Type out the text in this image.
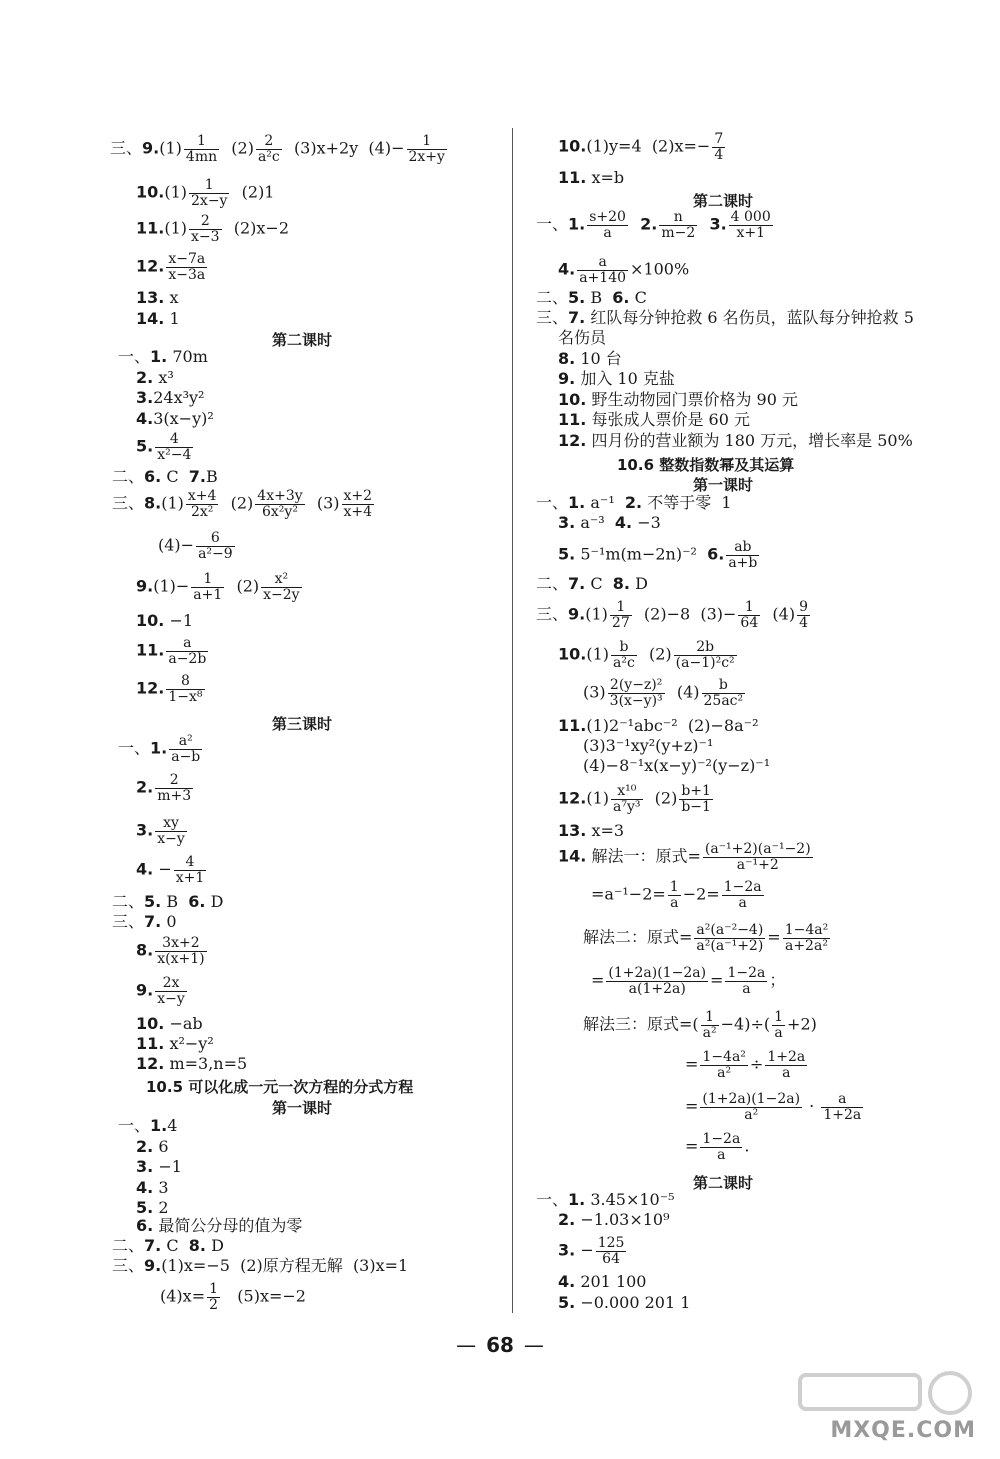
三、$9.(1) \frac{1}{4mn} (2) \frac{2}{\text{a²c}} (3)x+2y$ $(4)- \frac{1}{2x+y}$
$10.(1) \frac{1}{2x-y} (2)1$
$11.(1) \frac{2}{x-3} (2)x-2$
12. $\frac{x-7a}{x-3a}$
13. x
14. 1
第二课时
一、1. 70m
2. x³
3.24x³y²
4.3(x−y)²
5. $\frac{4}{\text{x²−4}}$
二、6. C 7.B
三、$8.(1) \frac{x+4}{\text{2x²}} (2) \frac{4x+3y}{\text{6x²y²}} (3) \frac{x+2}{x+4}$
$(4)- \frac{6}{\text{a²−9}}$
$9.(1)- \frac{1}{a+1} (2) \frac{\text{x²}}{x-2y}$
10. −1
11. $\frac{a}{a-2b}$
12. $\frac{8}{\text{1−x⁸}}$
第三课时
一、1. $\frac{\text{a²}}{a-b}$
2. $\frac{2}{m+3}$
3. $\frac{xy}{x-y}$
4. − $\frac{4}{x+1}$
二、5. B 6. D
三、7. 0
8. $\frac{3x+2}{x(x+1)}$
9. $\frac{2x}{x-y}$
10. −ab
11. x²−y²
12. m=3,n=5
10.5 可以化成一元一次方程的分式方程
第一课时
一、1.4
2. 6
3. −1
4. 3
5. 2
6. 最简公分母的值为零
二、7. C 8. D
三、9.(1)x=−5 (2)原方程无解 (3)x=1
$(4)x= \frac{1}{2} (5)x=-2$
10.(1)y=4 $(2)x=- \frac{7}{4}$
11. x=b
第二课时
一、1. $\frac{s+20}{a} 2$. $\frac{n}{m-2} 3$. $\frac{4 000}{x+1}$
4. $\frac{a}{a+140} \times 100\%$
二、5. B 6. C
三、7. 红队每分钟抢救 6 名伤员，蓝队每分钟抢救 5
名伤员
8. 10 台
9. 加入 10 克盐
10. 野生动物园门票价格为 90 元
11. 每张成人票价是 60 元
12. 四月份的营业额为 180 万元，增长率是 50%
10.6 整数指数幂及其运算
第一课时
一、1. a⁻¹ 2. 不等于零 1
3. a⁻³ 4. −3
5. 5⁻¹m(m−2n)⁻² 6. $\frac{ab}{a+b}$
二、7. C 8. D
三、$9.(1) \frac{1}{27} (2)-8$ $(3)- \frac{1}{64} (4) \frac{9}{4}$
$10.(1) \frac{b}{\text{a²c}} (2) \frac{2b}{\text{(a−1)²c²}}$
$(3) \frac{\text{2(y−z)²}}{\text{3(x−y)³}} (4) \frac{b}{\text{25ac²}}$
11.(1)2⁻¹abc⁻² (2)−8a⁻²
(3)3⁻¹xy²(y+z)⁻¹
(4)−8⁻¹x(x−y)⁻²(y−z)⁻¹
$12.(1) \frac{\text{x¹⁰}}{\text{a⁷y³}} (2) \frac{b+1}{b-1}$
13. x=3
14. 解法一：原式= $\frac{\text{(a⁻¹+2)(a⁻¹−2)}}{\text{a⁻¹+2}}$
$=a^{-1}-2= \frac{1}{a} -2= \frac{1-2a}{a}$
解法二：原式= $\frac{\text{a²(a⁻²−4)}}{\text{a²(a⁻¹+2)}} = \frac{\text{1−4a²}}{\text{a+2a²}}$
= $\frac{(1+2a)(1-2a)}{a(1+2a)} = \frac{1-2a}{a}$ ；
解法三：原式=( $\frac{1}{\text{a²}} -4)\div( \frac{1}{a} +2)$
= $\frac{\text{1−4a²}}{\text{a²}} \div \frac{1+2a}{a}$
= $\frac{(1+2a)(1-2a)}{\text{a²}} \cdot \frac{a}{1+2a}$
= $\frac{1-2a}{a}$ .
第二课时
一、1. 3.45×10⁻⁵
2. −1.03×10⁹
3. − $\frac{125}{64}$
4. 201 100
5. −0.000 201 1
— 68 —
MXQE.COM
